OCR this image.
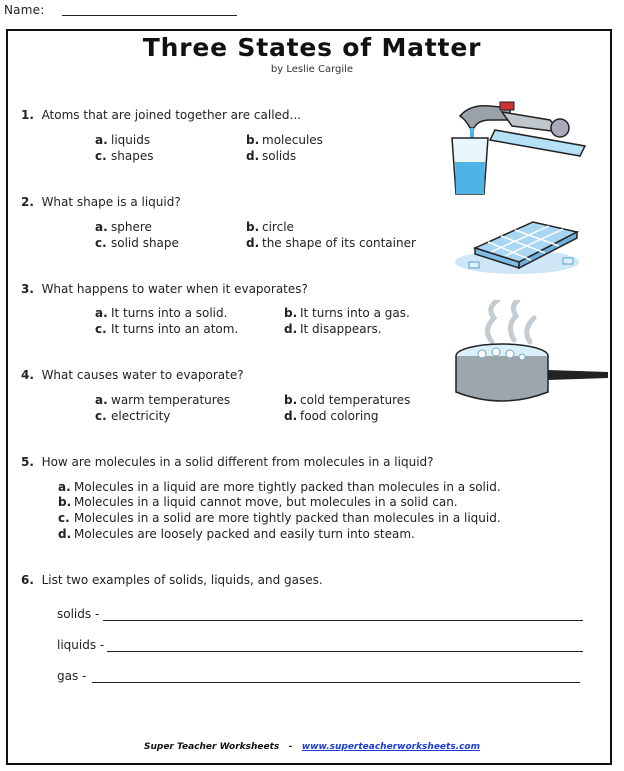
Name:
Three States of Matter
by Leslie Cargile
1. Atoms that are joined together are called...
a. liquids	b. molecules
c. shapes	d. solids
2. What shape is a liquid?
a. sphere	b. circle
c. solid shape	d. the shape of its container
3. What happens to water when it evaporates?
a. It turns into a solid.	b. It turns into a gas.
c. It turns into an atom.	d. It disappears.
4. What causes water to evaporate?
a. warm temperatures	b. cold temperatures
c. electricity	d. food coloring
5. How are molecules in a solid different from molecules in a liquid?
a. Molecules in a liquid are more tightly packed than molecules in a solid.
b. Molecules in a liquid cannot move, but molecules in a solid can.
c. Molecules in a solid are more tightly packed than molecules in a liquid.
d. Molecules are loosely packed and easily turn into steam.
6. List two examples of solids, liquids, and gases.
solids -
liquids -
gas -
Super Teacher Worksheets - www.superteacherworksheets.com
